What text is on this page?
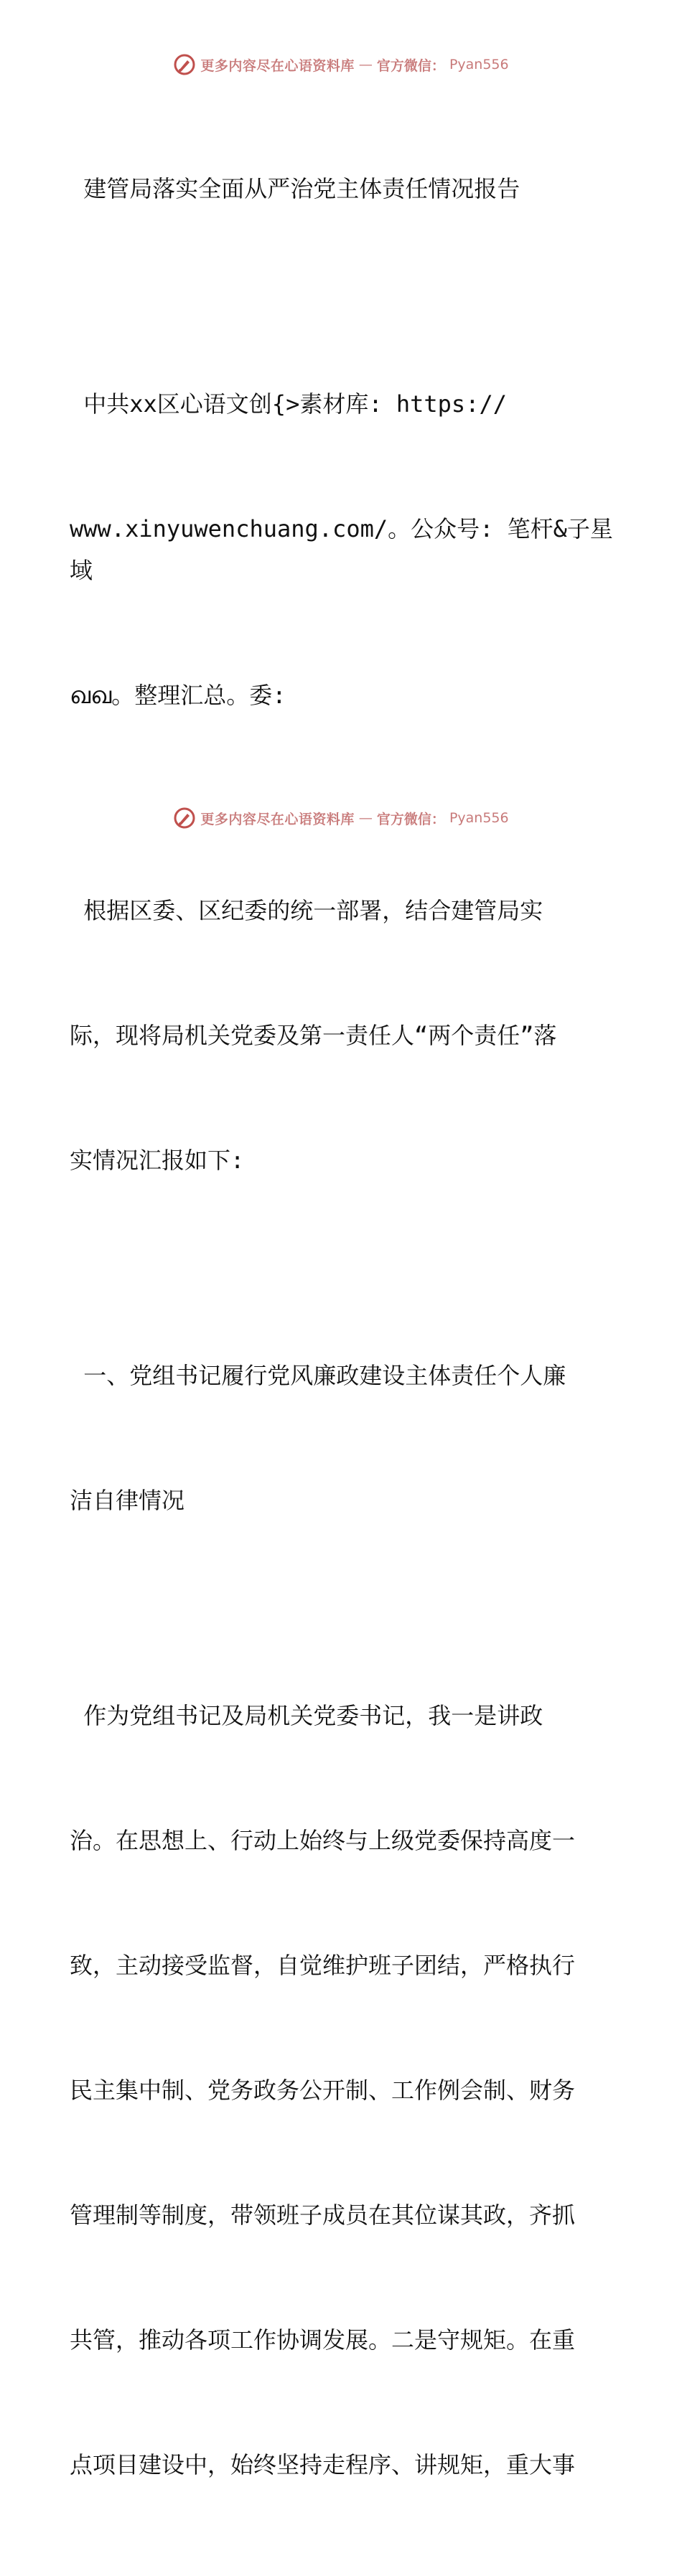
更多内容尽在心语资料库 — 官方微信： Pyan556

建管局落实全面从严治党主体责任情况报告

中共xx区心语文创{>素材库: https://

www.xinyuwenchuang.com/。公众号: 笔杆&子星域

ഖഖ。整理汇总。委:

根据区委、区纪委的统一部署，结合建管局实

际，现将局机关党委及第一责任人“两个责任”落

实情况汇报如下:

一、党组书记履行党风廉政建设主体责任个人廉

洁自律情况

作为党组书记及局机关党委书记，我一是讲政

治。在思想上、行动上始终与上级党委保持高度一

致，主动接受监督，自觉维护班子团结，严格执行

民主集中制、党务政务公开制、工作例会制、财务

管理制等制度，带领班子成员在其位谋其政，齐抓

共管，推动各项工作协调发展。二是守规矩。在重

点项目建设中，始终坚持走程序、讲规矩，重大事

更多内容尽在心语资料库 — 官方微信： Pyan556
